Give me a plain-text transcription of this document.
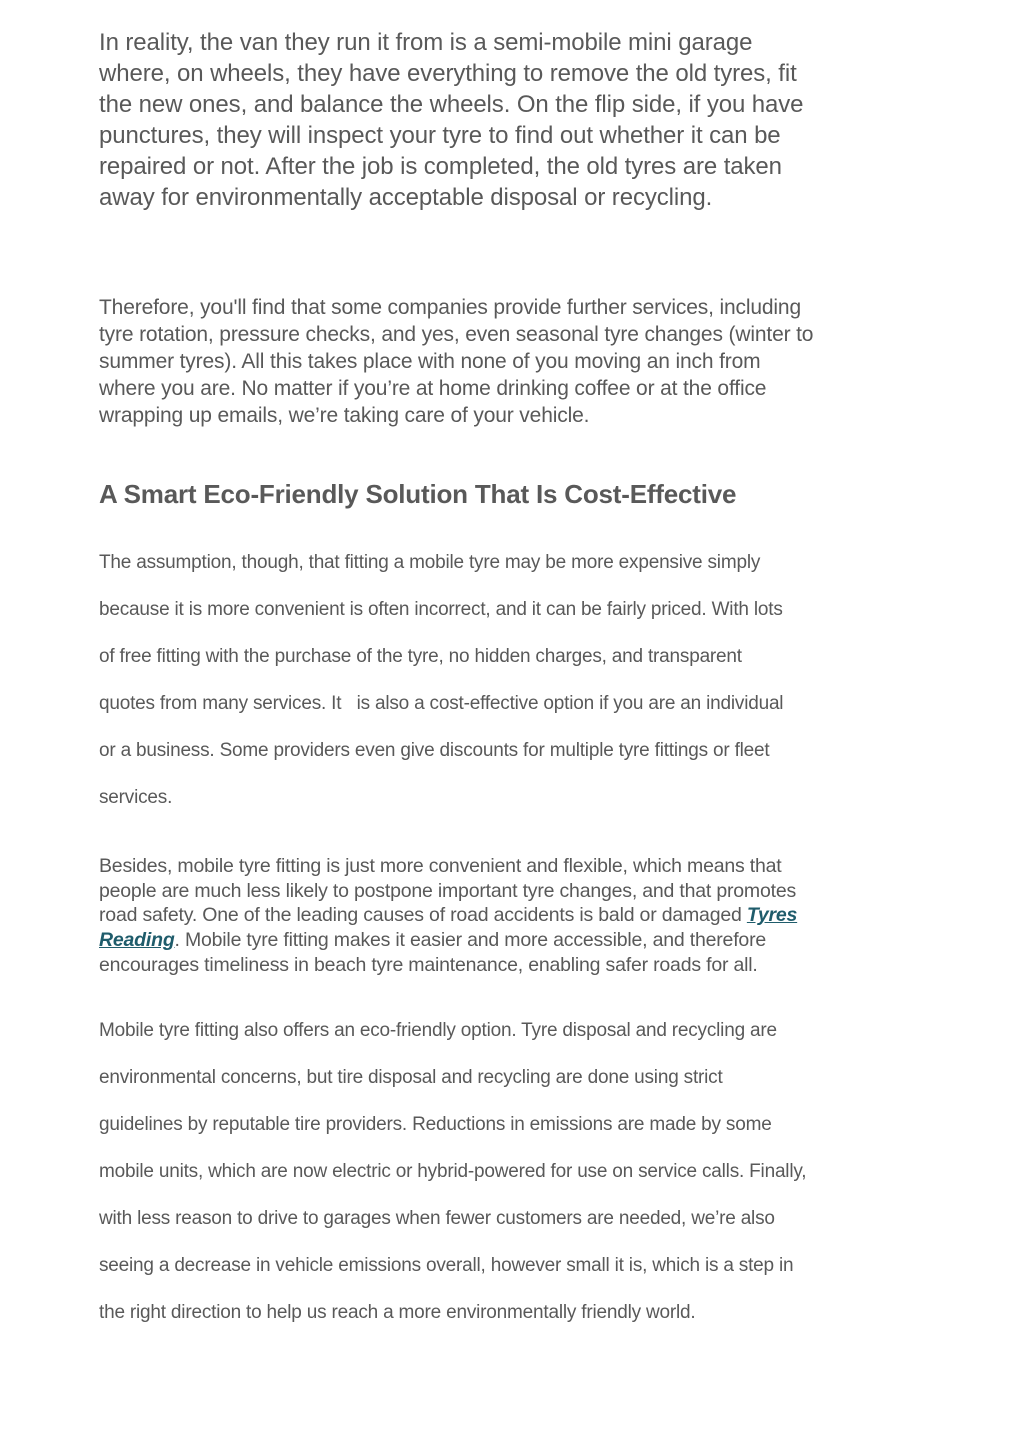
In reality, the van they run it from is a semi-mobile mini garage
where, on wheels, they have everything to remove the old tyres, fit
the new ones, and balance the wheels. On the flip side, if you have
punctures, they will inspect your tyre to find out whether it can be
repaired or not. After the job is completed, the old tyres are taken
away for environmentally acceptable disposal or recycling.

Therefore, you'll find that some companies provide further services, including
tyre rotation, pressure checks, and yes, even seasonal tyre changes (winter to
summer tyres). All this takes place with none of you moving an inch from
where you are. No matter if you’re at home drinking coffee or at the office
wrapping up emails, we’re taking care of your vehicle.

A Smart Eco-Friendly Solution That Is Cost-Effective

The assumption, though, that fitting a mobile tyre may be more expensive simply
because it is more convenient is often incorrect, and it can be fairly priced. With lots
of free fitting with the purchase of the tyre, no hidden charges, and transparent
quotes from many services. It   is also a cost-effective option if you are an individual
or a business. Some providers even give discounts for multiple tyre fittings or fleet
services.

Besides, mobile tyre fitting is just more convenient and flexible, which means that
people are much less likely to postpone important tyre changes, and that promotes
road safety. One of the leading causes of road accidents is bald or damaged Tyres
Reading. Mobile tyre fitting makes it easier and more accessible, and therefore
encourages timeliness in beach tyre maintenance, enabling safer roads for all.

Mobile tyre fitting also offers an eco-friendly option. Tyre disposal and recycling are
environmental concerns, but tire disposal and recycling are done using strict
guidelines by reputable tire providers. Reductions in emissions are made by some
mobile units, which are now electric or hybrid-powered for use on service calls. Finally,
with less reason to drive to garages when fewer customers are needed, we’re also
seeing a decrease in vehicle emissions overall, however small it is, which is a step in
the right direction to help us reach a more environmentally friendly world.
